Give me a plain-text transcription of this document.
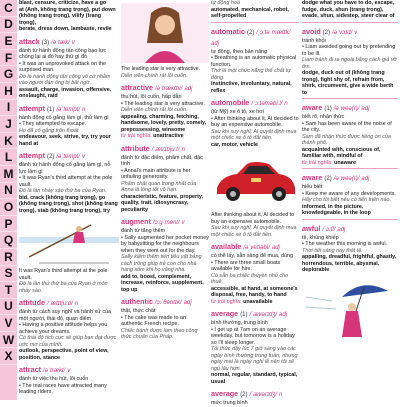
C
D
E
F
G
H
I
J
K
L
M
N
O
P
Q
R
S
T
U
V
W
X
blast, censure, criticize, have a go
at (Anh, không trang trọng), put down
(không trang trọng), vilify (trang trọng),
berate, dress down, lambaste, revile
attack (3) /əˈtæk/ v
đánh từ hành động tấn công bạo lực chống lại ai đó hay thứ gì đó
• It was an unprovoked attack on the surprised man.
Đó là hành động tấn công vô cớ nhằm vào người đàn ông bị bất ngờ.
assault, charge, invasion, offensive, onslaught, raid
attempt (1) /əˈtempt/ n
hành động cố gắng làm gì, thử làm gì
• They attempted to escape.
Họ đã cố gắng trốn thoát.
endeavour, seek, strive, try, try your hand at
attempt (2) /əˈtempt/ v
đánh từ hành động cố gắng làm gì, nỗ lực làm gì
• It was Ryan's third attempt at the pole vault.
Đó là lần nhảy sào thứ ba của Ryan.
bid, crack (không trang trọng), go (không trang trọng), shot (không trang trọng), stab (không trang trọng), try
It was Ryan's third attempt at the pole vault.
Đó là lần thử thứ ba của Ryan ở môn nhảy sào.
attitude /ˈætɪtjuːd/ n
đánh từ cách suy nghĩ và hành xử của một người, thái độ, quan điểm
• Having a positive attitude helps you achieve your dreams.
Có thái độ tích cực sẽ giúp bạn đạt được ước mơ của mình.
outlook, perspective, point of view, position, stance
attract /əˈtrækt/ v
đánh từ việc thu hút, lôi cuốn
• The trial races have attracted many leading riders.
The leading star is very attractive.
Diễn viên chính rất lôi cuốn.
attractive /əˈtræktɪv/ adj
thu hút, lôi cuốn, hấp dẫn
• The leading star is very attractive.
Diễn viên chính rất lôi cuốn.
appealing, charming, fetching, handsome, lovely, pretty, comely, prepossessing, winsome
từ trái nghĩa: unattractive
attribute /ˈætrɪbjuːt/ n
đánh từ đặc điểm, phẩm chất, đặc tính
• Annal's main attribute is her unfailing generosity.
Phẩm chất quan trọng nhất của Anna là lòng tốt vô hạn.
characteristic, feature, property, quality, trait, idiosyncrasy, peculiarity
augment /ɔːɡˈment/ v
đánh từ tăng thêm
• Sally augmented her pocket money by babysitting for the neighbours when they went out for the day.
Sally kiếm thêm tiền tiêu vặt bằng cách trông giúp trẻ con cho nhà hàng xóm khi họ vắng nhà.
add to, boost, complement, increase, reinforce, supplement, top up
authentic /ɔːˈθentɪk/ adj
thật, thực chất
• The cake was made to an authentic French recipe.
Chiếc bánh được làm theo công thức chuẩn của Pháp.
tự động hoá
automated, mechanical, robot, self-propelled
automatic (2) /ˌɔːtəˈmætɪk/ adj
tự động, theo bản năng
• Breathing is an automatic physical function.
Thở là một chức năng thể chất tự động.
instinctive, involuntary, natural, reflex
automobile /ˈɔːtəməbiːl/ n
(từ Mỹ) xe ô tô, xe hơi
• After thinking about it, Al decided to buy an expensive automobile.
Sau khi suy nghĩ, Al quyết định mua một chiếc xe ô tô đắt tiền.
car, motor, vehicle
After thinking about it, Al decided to buy an expensive automobile.
Sau khi suy nghĩ, Al quyết định mua một chiếc xe ô tô đắt tiền.
available /əˈveɪləbl/ adj
có thể lấy, sẵn sàng để mua, dùng
• There are three small boats available for hire.
Có sẵn ba chiếc thuyền nhỏ cho thuê.
accessible, at hand, at someone's disposal, free, handy, to hand
từ trái nghĩa: unavailable
average (1) /ˈævərɪdʒ/ adj
bình thường, trung bình
• I get up at 7am on an average weekday, but tomorrow is a holiday so I'll sleep longer.
Tôi thức dậy lúc 7 giờ sáng vào các ngày bình thường trong tuần, nhưng ngày mai là ngày nghỉ lễ nên tôi sẽ ngủ lâu hơn.
normal, regular, standard, typical, usual
average (2) /ˈævərɪdʒ/ n
mức trung bình
dodge what you have to do, escape,
fudge, duck, shun (trang trọng),
evade, shun, sidestep, steer clear of
avoid (2) /əˈvɔɪd/ v
tránh khỏi
• Liam avoided going out by pretending to be ill.
Liam tránh đi ra ngoài bằng cách giả vờ ốm.
dodge, duck out of (không trang trọng), fight shy of, refrain from, shirk, circumvent, give a wide berth to
aware (1) /əˈweə(r)/ adj
biết rõ, nhận thức
• Sam has been aware of the noise of the city.
Sam đã nhận thức được tiếng ồn của thành phố.
acquainted with, conscious of, familiar with, mindful of
từ trái nghĩa: unaware
aware (2) /əˈweə(r)/ adj
hiểu biết
• Keep me aware of any developments.
Hãy cho tôi biết nếu có tiến triển nào.
informed, in the picture, knowledgeable, in the loop
awful /ˈɔːfl/ adj
tệ, khủng khiếp
• The weather this morning is awful.
Thời tiết sáng nay thật tệ.
appalling, dreadful, frightful, ghastly, horrendous, terrible, abysmal, deplorable
